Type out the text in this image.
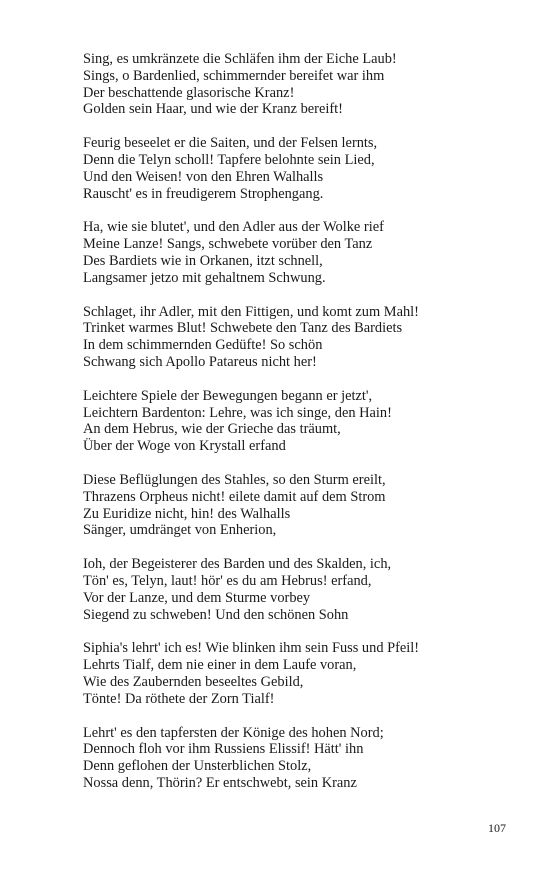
Sing, es umkränzete die Schläfen ihm der Eiche Laub!
Sings, o Bardenlied, schimmernder bereifet war ihm
Der beschattende glasorische Kranz!
Golden sein Haar, und wie der Kranz bereift!
Feurig beseelet er die Saiten, und der Felsen lernts,
Denn die Telyn scholl! Tapfere belohnte sein Lied,
Und den Weisen! von den Ehren Walhalls
Rauscht' es in freudigerem Strophengang.
Ha, wie sie blutet', und den Adler aus der Wolke rief
Meine Lanze! Sangs, schwebete vorüber den Tanz
Des Bardiets wie in Orkanen, itzt schnell,
Langsamer jetzo mit gehaltnem Schwung.
Schlaget, ihr Adler, mit den Fittigen, und komt zum Mahl!
Trinket warmes Blut! Schwebete den Tanz des Bardiets
In dem schimmernden Gedüfte! So schön
Schwang sich Apollo Patareus nicht her!
Leichtere Spiele der Bewegungen begann er jetzt',
Leichtern Bardenton: Lehre, was ich singe, den Hain!
An dem Hebrus, wie der Grieche das träumt,
Über der Woge von Krystall erfand
Diese Beflüglungen des Stahles, so den Sturm ereilt,
Thrazens Orpheus nicht! eilete damit auf dem Strom
Zu Euridize nicht, hin! des Walhalls
Sänger, umdränget von Enherion,
Ioh, der Begeisterer des Barden und des Skalden, ich,
Tön' es, Telyn, laut! hör' es du am Hebrus! erfand,
Vor der Lanze, und dem Sturme vorbey
Siegend zu schweben! Und den schönen Sohn
Siphia's lehrt' ich es! Wie blinken ihm sein Fuss und Pfeil!
Lehrts Tialf, dem nie einer in dem Laufe voran,
Wie des Zaubernden beseeltes Gebild,
Tönte! Da röthete der Zorn Tialf!
Lehrt' es den tapfersten der Könige des hohen Nord;
Dennoch floh vor ihm Russiens Elissif! Hätt' ihn
Denn geflohen der Unsterblichen Stolz,
Nossa denn, Thörin? Er entschwebt, sein Kranz
107
